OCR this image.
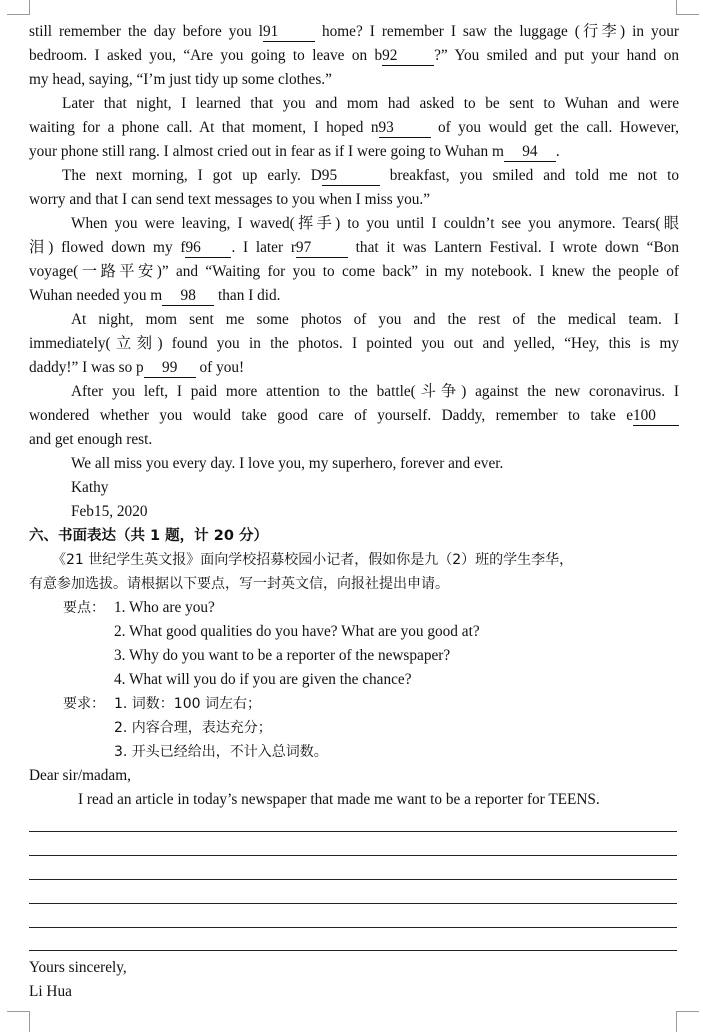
still remember the day before you l91 home? I remember I saw the luggage (行李) in your
bedroom. I asked you, “Are you going to leave on b92 ?” You smiled and put your hand on
my head, saying, “I’m just tidy up some clothes.”
Later that night, I learned that you and mom had asked to be sent to Wuhan and were
waiting for a phone call. At that moment, I hoped n93 of you would get the call. However,
your phone still rang. I almost cried out in fear as if I were going to Wuhan m 94 .
The next morning, I got up early. D95	breakfast, you smiled and told me not to
worry and that I can send text messages to you when I miss you.”
When you were leaving, I waved(挥手) to you until I couldn’t see you anymore. Tears(眼
泪) flowed down my f96 . I later r97 that it was Lantern Festival. I wrote down “Bon
voyage(一路平安)” and “Waiting for you to come back” in my notebook. I knew the people of
Wuhan needed you m 98 than I did.
At night, mom sent me some photos of you and the rest of the medical team. I
immediately(立刻) found you in the photos. I pointed you out and yelled, “Hey, this is my
daddy!” I was so p 99 of you!
After you left, I paid more attention to the battle(斗争) against the new coronavirus. I
wondered whether you would take good care of yourself. Daddy, remember to take e100
and get enough rest.
We all miss you every day. I love you, my superhero, forever and ever.
Kathy
Feb15, 2020
六、书面表达（共 1 题，计 20 分）
《21 世纪学生英文报》面向学校招募校园小记者，假如你是九（2）班的学生李华，
有意参加选拔。请根据以下要点，写一封英文信，向报社提出申请。
要点： 1. Who are you?
2. What good qualities do you have? What are you good at?
3. Why do you want to be a reporter of the newspaper?
4. What will you do if you are given the chance?
要求： 1. 词数：100 词左右；
2. 内容合理，表达充分；
3. 开头已经给出，不计入总词数。
Dear sir/madam,
I read an article in today’s newspaper that made me want to be a reporter for TEENS.
Yours sincerely,
Li Hua
